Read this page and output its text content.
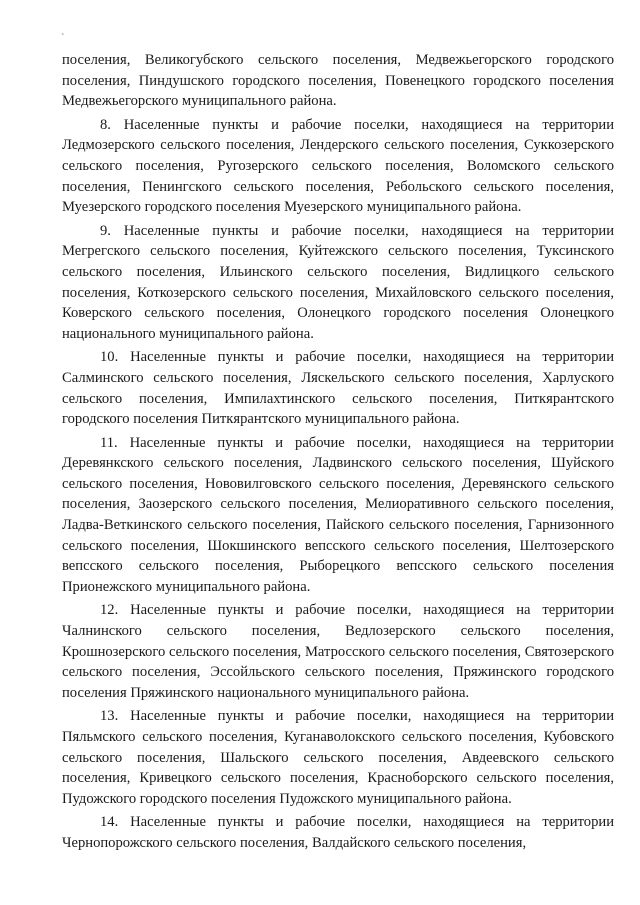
`

поселения, Великогубского сельского поселения, Медвежьегорского городского поселения, Пиндушского городского поселения, Повенецкого городского поселения Медвежьегорского муниципального района.

8. Населенные пункты и рабочие поселки, находящиеся на территории Ледмозерского сельского поселения, Лендерского сельского поселения, Суккозерского сельского поселения, Ругозерского сельского поселения, Воломского сельского поселения, Пенингского сельского поселения, Ребольского сельского поселения, Муезерского городского поселения Муезерского муниципального района.

9. Населенные пункты и рабочие поселки, находящиеся на территории Мегрегского сельского поселения, Куйтежского сельского поселения, Туксинского сельского поселения, Ильинского сельского поселения, Видлицкого сельского поселения, Коткозерского сельского поселения, Михайловского сельского поселения, Коверского сельского поселения, Олонецкого городского поселения Олонецкого национального муниципального района.

10. Населенные пункты и рабочие поселки, находящиеся на территории Салминского сельского поселения, Ляскельского сельского поселения, Харлуского сельского поселения, Импилахтинского сельского поселения, Питкярантского городского поселения Питкярантского муниципального района.

11. Населенные пункты и рабочие поселки, находящиеся на территории Деревянкского сельского поселения, Ладвинского сельского поселения, Шуйского сельского поселения, Нововилговского сельского поселения, Деревянского сельского поселения, Заозерского сельского поселения, Мелиоративного сельского поселения, Ладва-Веткинского сельского поселения, Пайского сельского поселения, Гарнизонного сельского поселения, Шокшинского вепсского сельского поселения, Шелтозерского вепсского сельского поселения, Рыборецкого вепсского сельского поселения Прионежского муниципального района.

12. Населенные пункты и рабочие поселки, находящиеся на территории Чалнинского сельского поселения, Ведлозерского сельского поселения, Крошнозерского сельского поселения, Матросского сельского поселения, Святозерского сельского поселения, Эссойльского сельского поселения, Пряжинского городского поселения Пряжинского национального муниципального района.

13. Населенные пункты и рабочие поселки, находящиеся на территории Пяльмского сельского поселения, Куганаволокского сельского поселения, Кубовского сельского поселения, Шальского сельского поселения, Авдеевского сельского поселения, Кривецкого сельского поселения, Красноборского сельского поселения, Пудожского городского поселения Пудожского муниципального района.

14. Населенные пункты и рабочие поселки, находящиеся на территории Чернопорожского сельского поселения, Валдайского сельского поселения,
